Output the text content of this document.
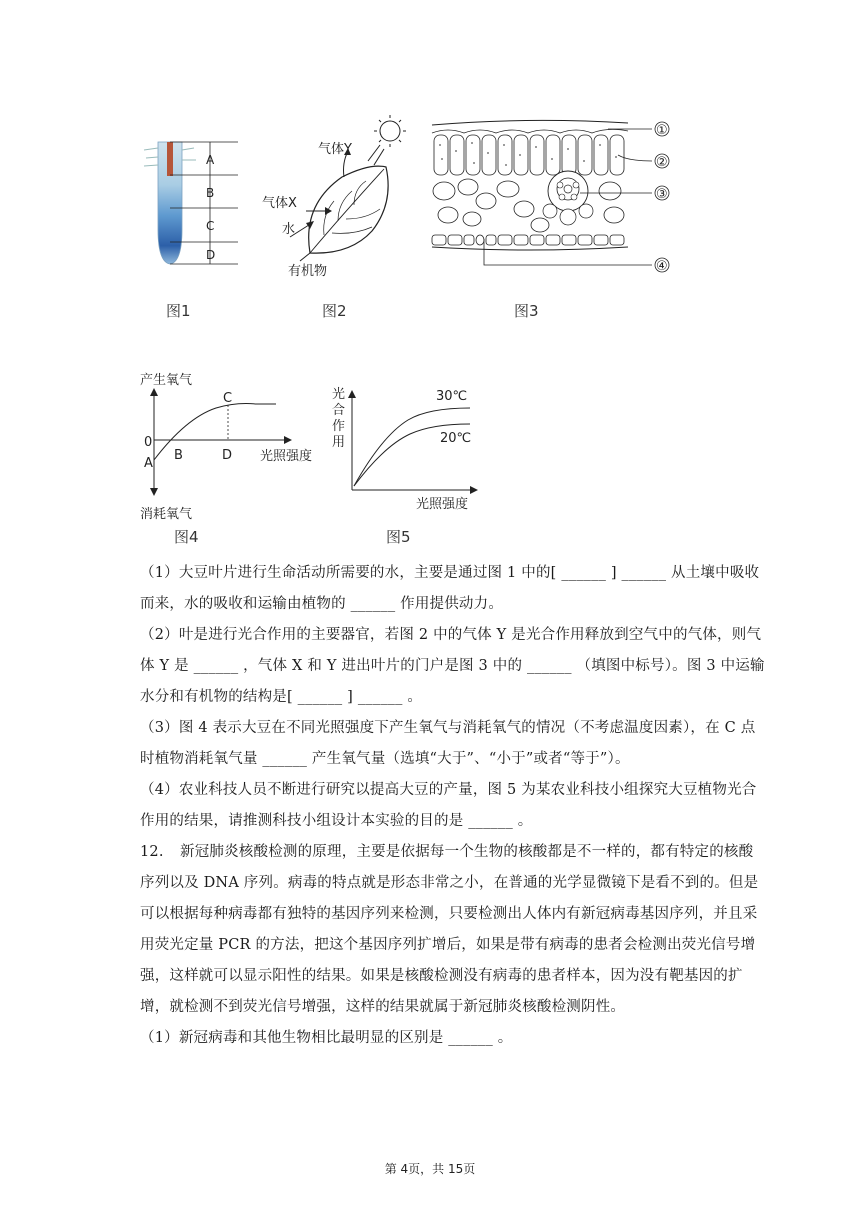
A
B
C
D
图1
气体Y
气体X
水
有机物
图2
①
②
③
④
图3
产生氧气
0
光照强度
A
B
C
D
消耗氧气
图4
光合作用
30℃
20℃
光照强度
图5

（1）大豆叶片进行生命活动所需要的水，主要是通过图 1 中的[ ______ ] ______ 从土壤中吸收而来，水的吸收和运输由植物的 ______ 作用提供动力。

（2）叶是进行光合作用的主要器官，若图 2 中的气体 Y 是光合作用释放到空气中的气体，则气体 Y 是 ______ ，气体 X 和 Y 进出叶片的门户是图 3 中的 ______ （填图中标号）。图 3 中运输水分和有机物的结构是[ ______ ] ______ 。

（3）图 4 表示大豆在不同光照强度下产生氧气与消耗氧气的情况（不考虑温度因素），在 C 点时植物消耗氧气量 ______ 产生氧气量（选填“大于”、“小于”或者“等于”）。

（4）农业科技人员不断进行研究以提高大豆的产量，图 5 为某农业科技小组探究大豆植物光合作用的结果，请推测科技小组设计本实验的目的是 ______ 。

12. 新冠肺炎核酸检测的原理，主要是依据每一个生物的核酸都是不一样的，都有特定的核酸序列以及 DNA 序列。病毒的特点就是形态非常之小，在普通的光学显微镜下是看不到的。但是可以根据每种病毒都有独特的基因序列来检测，只要检测出人体内有新冠病毒基因序列，并且采用荧光定量 PCR 的方法，把这个基因序列扩增后，如果是带有病毒的患者会检测出荧光信号增强，这样就可以显示阳性的结果。如果是核酸检测没有病毒的患者样本，因为没有靶基因的扩增，就检测不到荧光信号增强，这样的结果就属于新冠肺炎核酸检测阴性。

（1）新冠病毒和其他生物相比最明显的区别是 ______ 。

第 4页，共 15页
